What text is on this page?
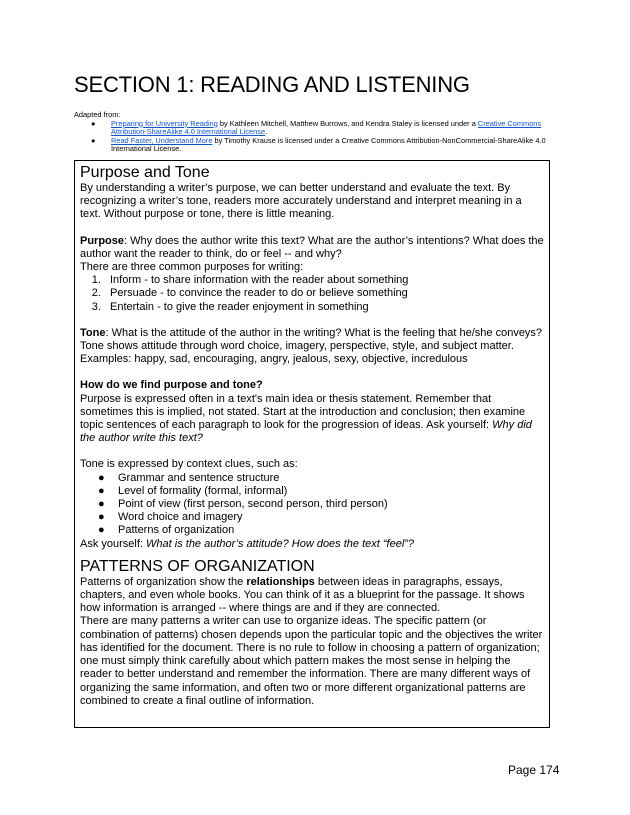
SECTION 1: READING AND LISTENING
Adapted from:
● Preparing for University Reading by Kathleen Mitchell, Matthew Burrows, and Kendra Staley is licensed under a Creative Commons Attribution-ShareAlike 4.0 International License.
● Read Faster, Understand More by Timothy Krause is licensed under a Creative Commons Attribution-NonCommercial-ShareAlike 4.0 International License.
Purpose and Tone

By understanding a writer’s purpose, we can better understand and evaluate the text. By recognizing a writer’s tone, readers more accurately understand and interpret meaning in a text. Without purpose or tone, there is little meaning.

Purpose: Why does the author write this text? What are the author’s intentions? What does the author want the reader to think, do or feel -- and why?

There are three common purposes for writing:

1. Inform - to share information with the reader about something
2. Persuade - to convince the reader to do or believe something
3. Entertain - to give the reader enjoyment in something

Tone: What is the attitude of the author in the writing? What is the feeling that he/she conveys?

Tone shows attitude through word choice, imagery, perspective, style, and subject matter.

Examples: happy, sad, encouraging, angry, jealous, sexy, objective, incredulous

How do we find purpose and tone?

Purpose is expressed often in a text's main idea or thesis statement. Remember that sometimes this is implied, not stated. Start at the introduction and conclusion; then examine topic sentences of each paragraph to look for the progression of ideas. Ask yourself: Why did the author write this text?

Tone is expressed by context clues, such as:

● Grammar and sentence structure
● Level of formality (formal, informal)
● Point of view (first person, second person, third person)
● Word choice and imagery
● Patterns of organization

Ask yourself: What is the author’s attitude? How does the text “feel”?

PATTERNS OF ORGANIZATION

Patterns of organization show the relationships between ideas in paragraphs, essays, chapters, and even whole books. You can think of it as a blueprint for the passage. It shows how information is arranged -- where things are and if they are connected.

There are many patterns a writer can use to organize ideas. The specific pattern (or combination of patterns) chosen depends upon the particular topic and the objectives the writer has identified for the document. There is no rule to follow in choosing a pattern of organization; one must simply think carefully about which pattern makes the most sense in helping the reader to better understand and remember the information. There are many different ways of organizing the same information, and often two or more different organizational patterns are combined to create a final outline of information.

Page 174
